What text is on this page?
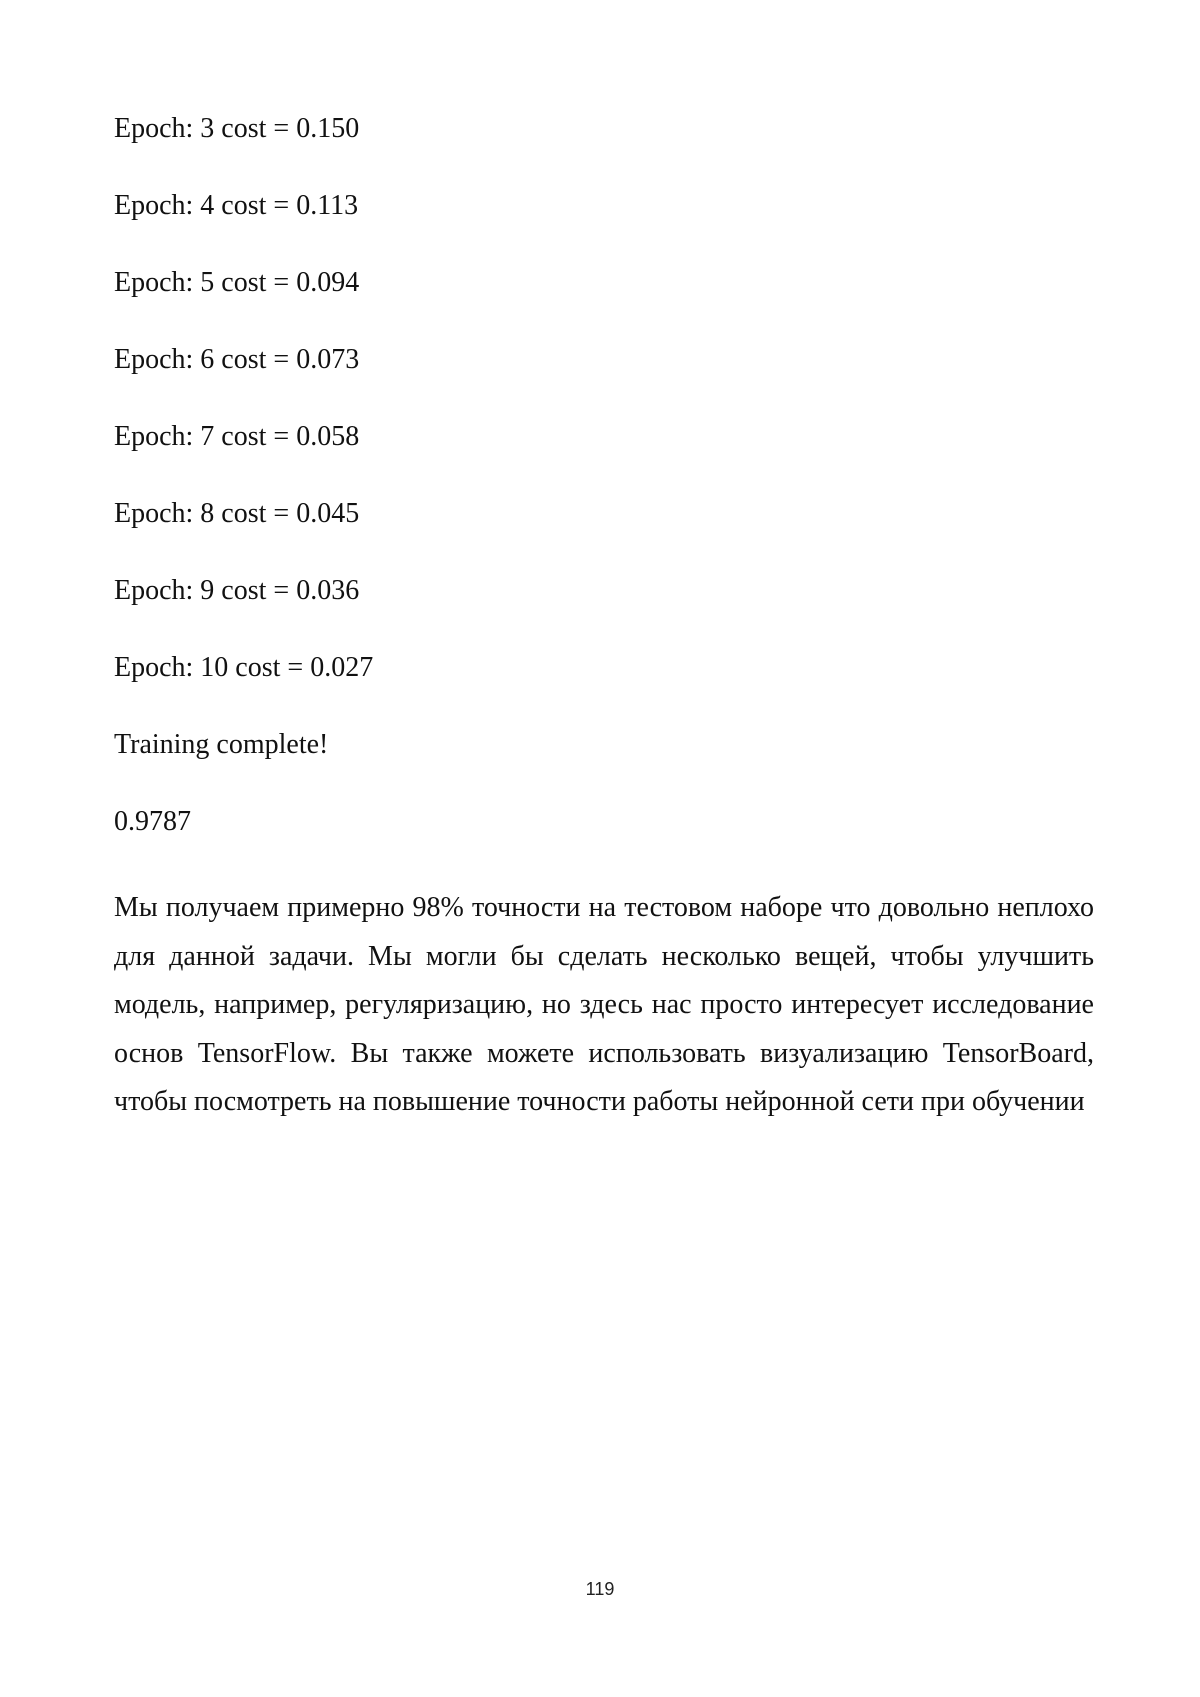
Epoch: 3 cost = 0.150
Epoch: 4 cost = 0.113
Epoch: 5 cost = 0.094
Epoch: 6 cost = 0.073
Epoch: 7 cost = 0.058
Epoch: 8 cost = 0.045
Epoch: 9 cost = 0.036
Epoch: 10 cost = 0.027
Training complete!
0.9787

Мы получаем примерно 98% точности на тестовом наборе что довольно неплохо для данной задачи. Мы могли бы сделать несколько вещей, чтобы улучшить модель, например, регуляризацию, но здесь нас просто интересует исследование основ TensorFlow. Вы также можете использовать визуализацию TensorBoard, чтобы посмотреть на повышение точности работы нейронной сети при обучении

119
